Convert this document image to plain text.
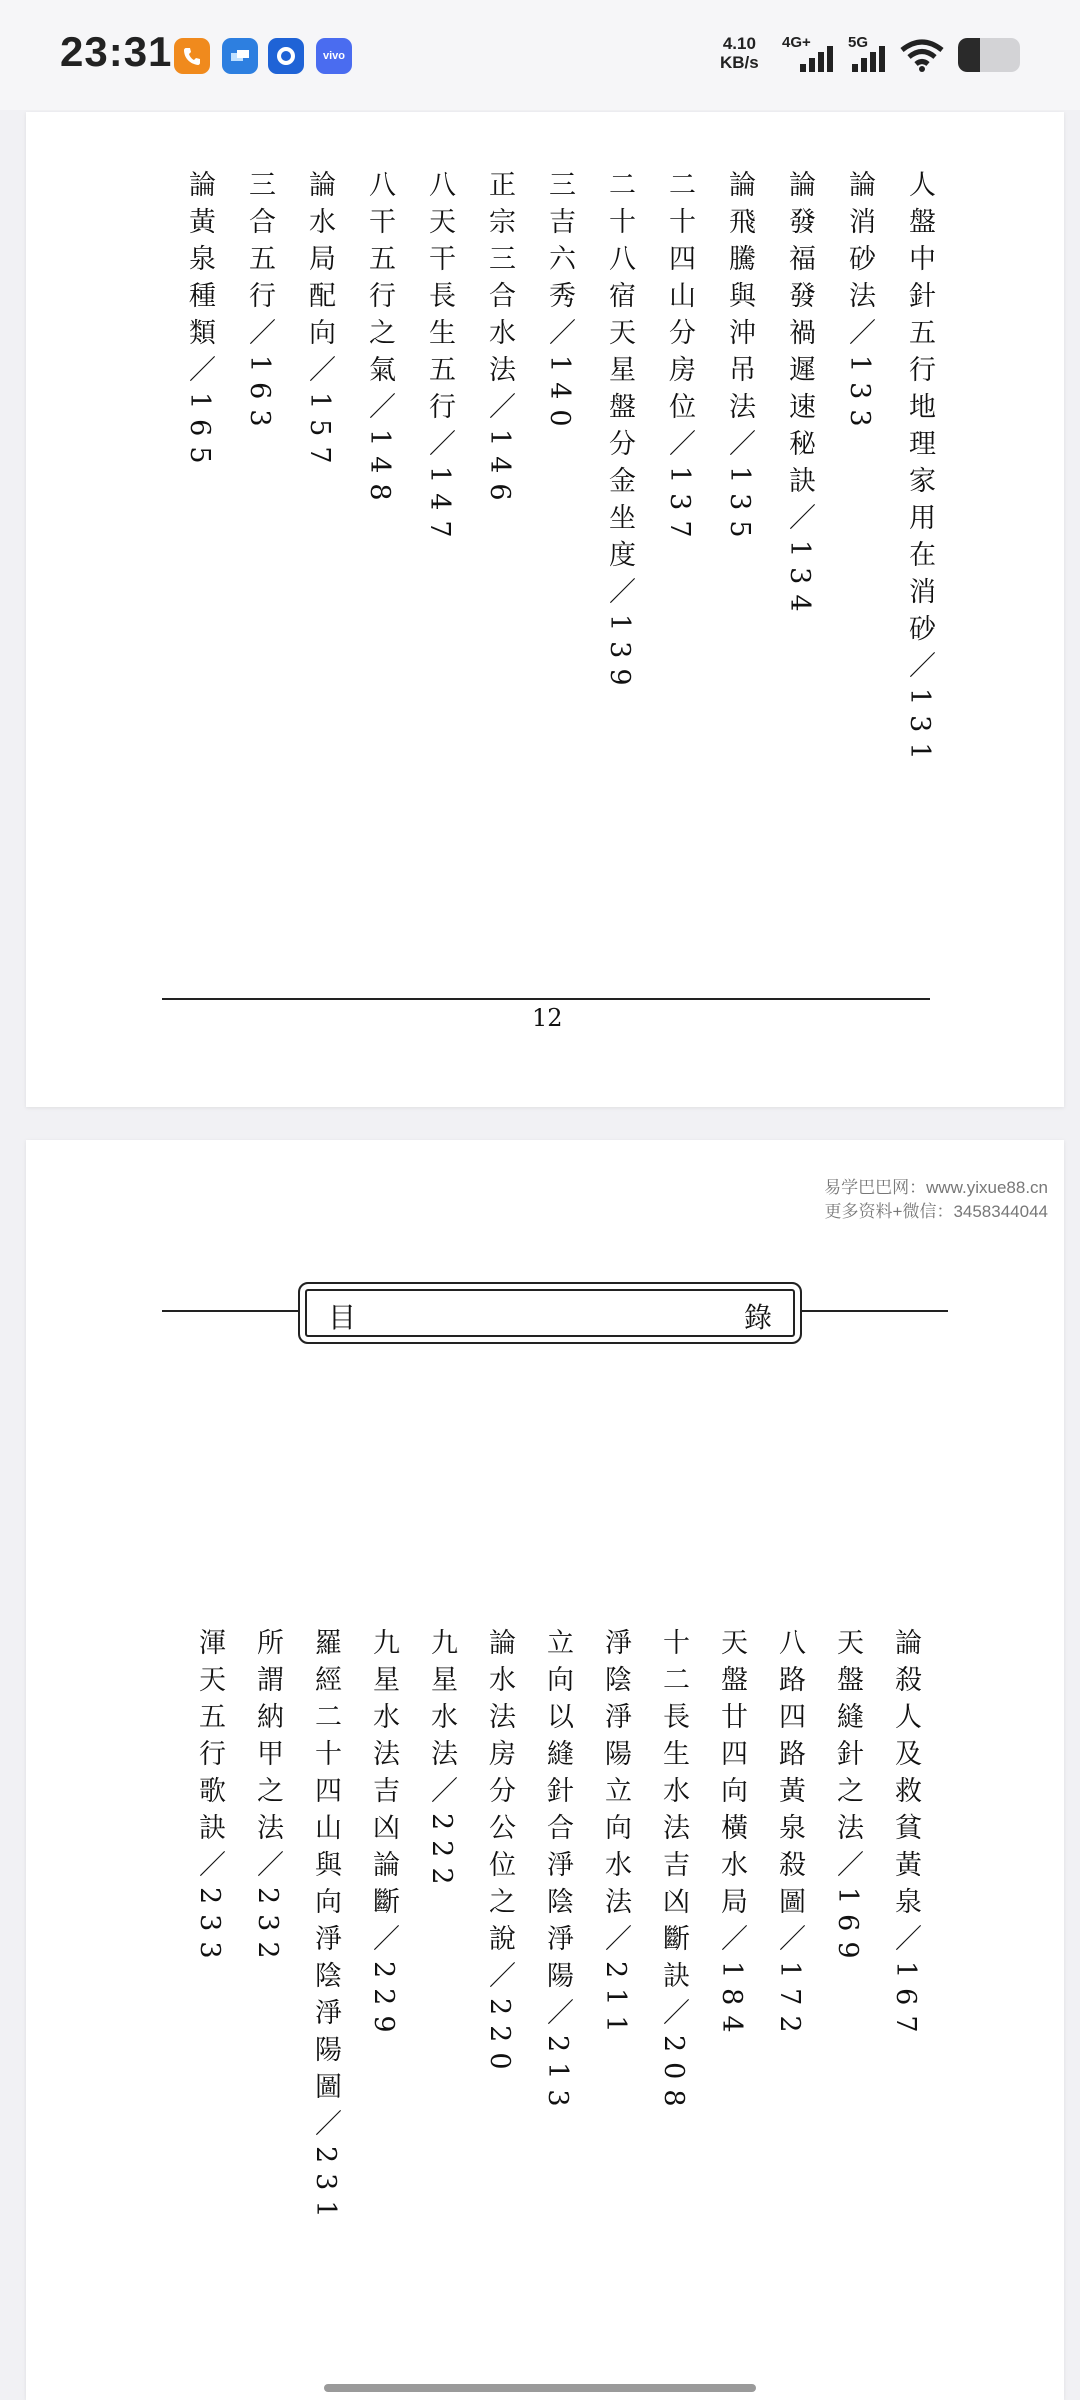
23:31	vivo
4.10
KB/s
4G+ 5G
人盤中針五行地理家用在消砂／131
論消砂法／133
論發福發禍遲速秘訣／134
論飛騰與沖吊法／135
二十四山分房位／137
二十八宿天星盤分金坐度／139
三吉六秀／140
正宗三合水法／146
八天干長生五行／147
八干五行之氣／148
論水局配向／157
三合五行／163
論黃泉種類／165
12
易学巴巴网：www.yixue88.cn
更多资料+微信：3458344044
目	錄
論殺人及救貧黃泉／167
天盤縫針之法／169
八路四路黃泉殺圖／172
天盤廿四向橫水局／184
十二長生水法吉凶斷訣／208
淨陰淨陽立向水法／211
立向以縫針合淨陰淨陽／213
論水法房分公位之說／220
九星水法／222
九星水法吉凶論斷／229
羅經二十四山與向淨陰淨陽圖／231
所謂納甲之法／232
渾天五行歌訣／233
